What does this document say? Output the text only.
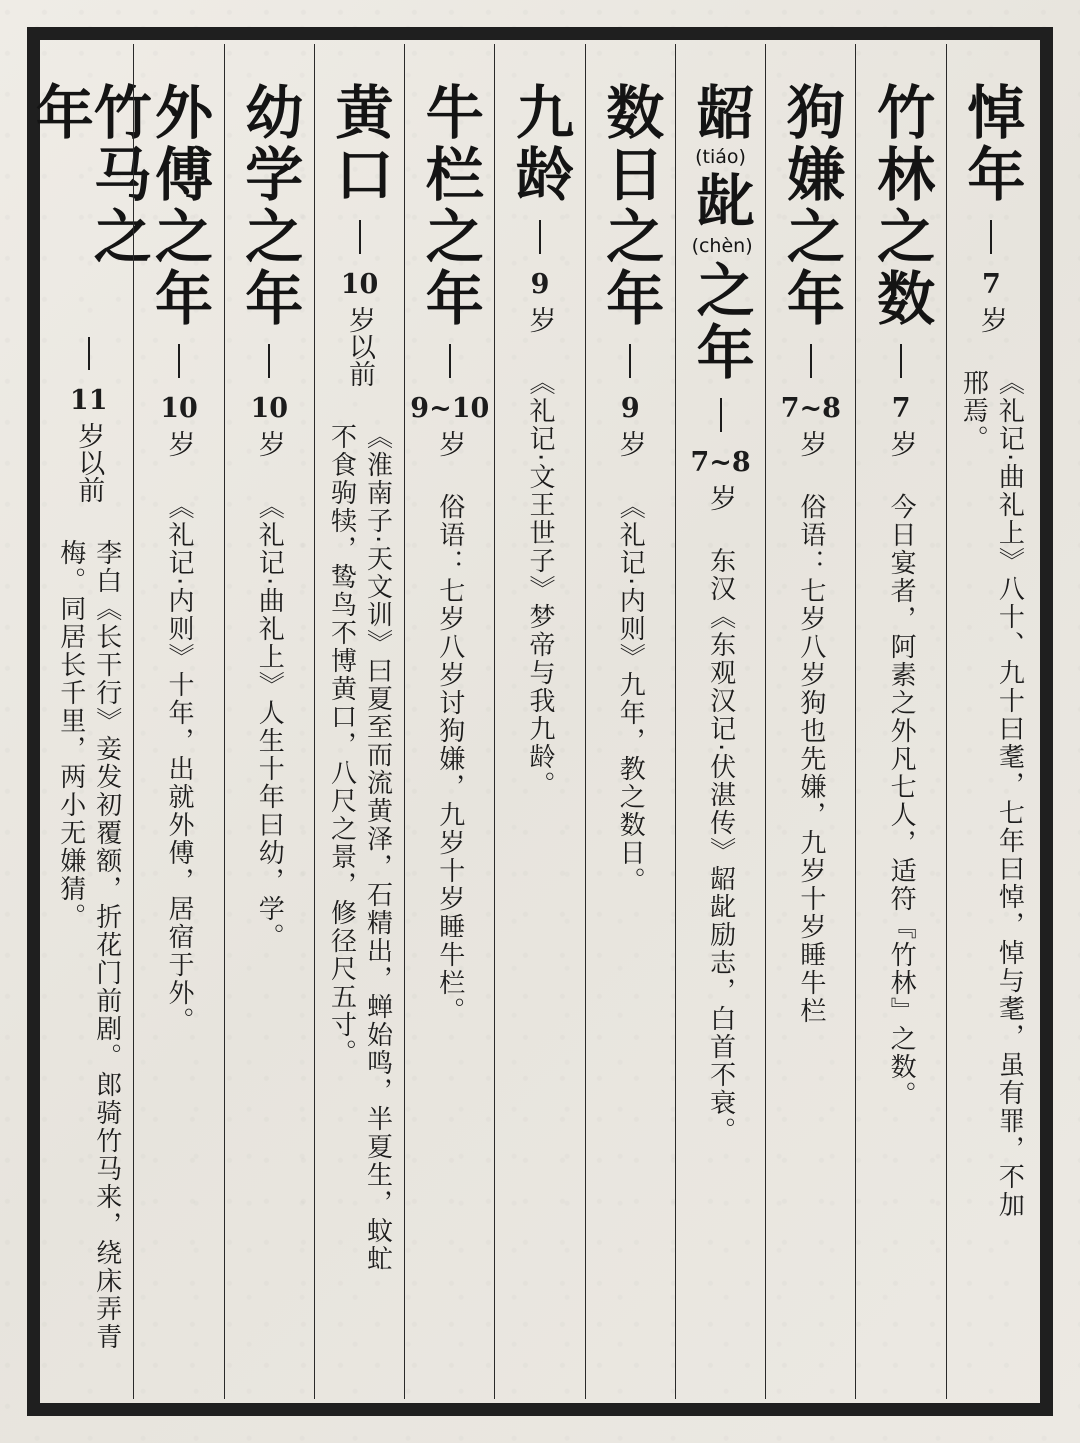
悼年
7
岁
《礼记·曲礼上》八十、九十曰耄，七年曰悼，悼与耄，虽有罪，不加邢焉。
竹林之数
7
岁
今日宴者，阿素之外凡七人，适符『竹林』之数。
狗嫌之年
7~8
岁
俗语：七岁八岁狗也先嫌，九岁十岁睡牛栏
龆(tiáo)龀(chèn)之年
7~8
岁
东汉《东观汉记·伏湛传》龆龀励志，白首不衰。
数日之年
9
岁
《礼记·内则》九年，教之数日。
九龄
9
岁
《礼记·文王世子》梦帝与我九龄。
牛栏之年
9~10
岁
俗语：七岁八岁讨狗嫌，九岁十岁睡牛栏。
黄口
10
岁以前
《淮南子·天文训》曰夏至而流黄泽，石精出，蝉始鸣，半夏生，蚊虻不食驹犊，鸷鸟不博黄口，八尺之景，修径尺五寸。
幼学之年
10
岁
《礼记·曲礼上》人生十年曰幼，学。
外傅之年
10
岁
《礼记·内则》十年，出就外傅，居宿于外。
竹马之年
11
岁以前
李白《长干行》妾发初覆额，折花门前剧。郎骑竹马来，绕床弄青梅。同居长千里，两小无嫌猜。
